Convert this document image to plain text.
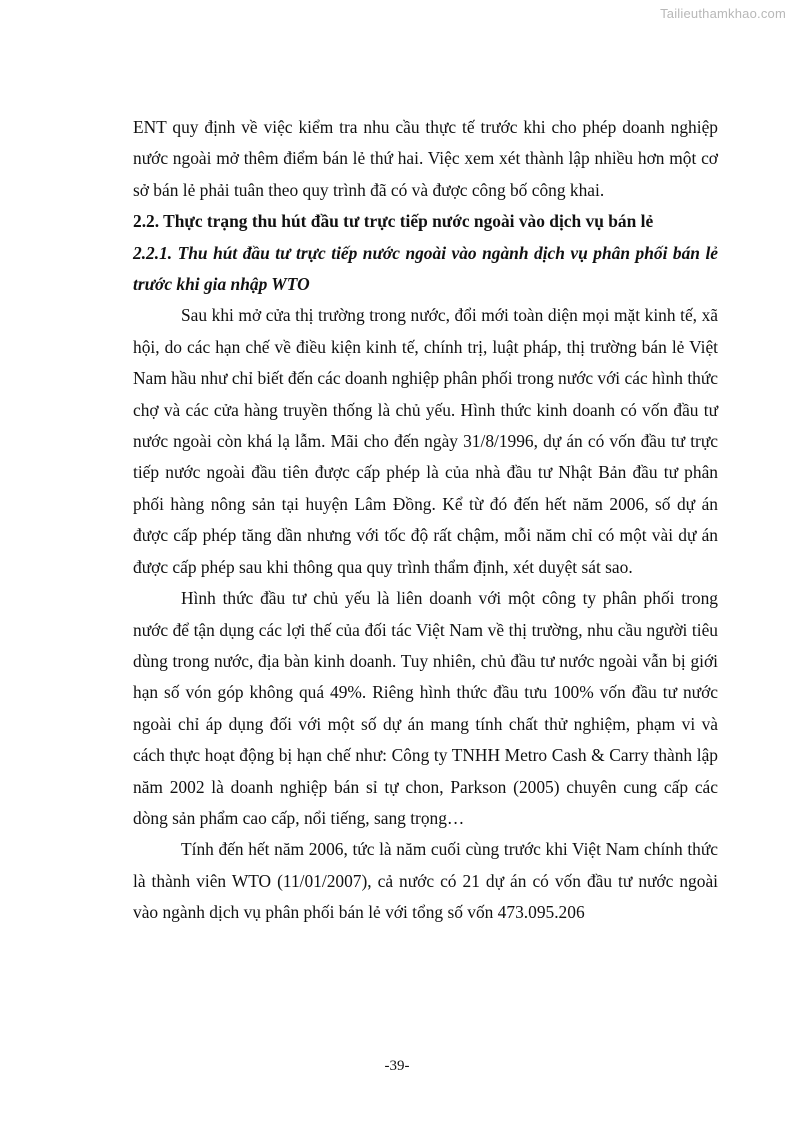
Tailieuthamkhao.com

ENT quy định về việc kiểm tra nhu cầu thực tế trước khi cho phép doanh nghiệp nước ngoài mở thêm điểm bán lẻ thứ hai. Việc xem xét thành lập nhiều hơn một cơ sở bán lẻ phải tuân theo quy trình đã có và được công bố công khai.

2.2. Thực trạng thu hút đầu tư trực tiếp nước ngoài vào dịch vụ bán lẻ

2.2.1. Thu hút đầu tư trực tiếp nước ngoài vào ngành dịch vụ phân phối bán lẻ trước khi gia nhập WTO

Sau khi mở cửa thị trường trong nước, đổi mới toàn diện mọi mặt kinh tế, xã hội, do các hạn chế về điều kiện kinh tế, chính trị, luật pháp, thị trường bán lẻ Việt Nam hầu như chỉ biết đến các doanh nghiệp phân phối trong nước với các hình thức chợ và các cửa hàng truyền thống là chủ yếu. Hình thức kinh doanh có vốn đầu tư nước ngoài còn khá lạ lẫm. Mãi cho đến ngày 31/8/1996, dự án có vốn đầu tư trực tiếp nước ngoài đầu tiên được cấp phép là của nhà đầu tư Nhật Bản đầu tư phân phối hàng nông sản tại huyện Lâm Đồng. Kể từ đó đến hết năm 2006, số dự án được cấp phép tăng dần nhưng với tốc độ rất chậm, mỗi năm chỉ có một vài dự án được cấp phép sau khi thông qua quy trình thẩm định, xét duyệt sát sao.

Hình thức đầu tư chủ yếu là liên doanh với một công ty phân phối trong nước để tận dụng các lợi thế của đối tác Việt Nam về thị trường, nhu cầu người tiêu dùng trong nước, địa bàn kinh doanh. Tuy nhiên, chủ đầu tư nước ngoài vẫn bị giới hạn số vón góp không quá 49%. Riêng hình thức đầu tưu 100% vốn đầu tư nước ngoài chỉ áp dụng đối với một số dự án mang tính chất thử nghiệm, phạm vi và cách thực hoạt động bị hạn chế như: Công ty TNHH Metro Cash & Carry thành lập năm 2002 là doanh nghiệp bán sỉ tự chon, Parkson (2005) chuyên cung cấp các dòng sản phẩm cao cấp, nổi tiếng, sang trọng…

Tính đến hết năm 2006, tức là năm cuối cùng trước khi Việt Nam chính thức là thành viên WTO (11/01/2007), cả nước có 21 dự án có vốn đầu tư nước ngoài vào ngành dịch vụ phân phối bán lẻ với tổng số vốn 473.095.206

-39-
